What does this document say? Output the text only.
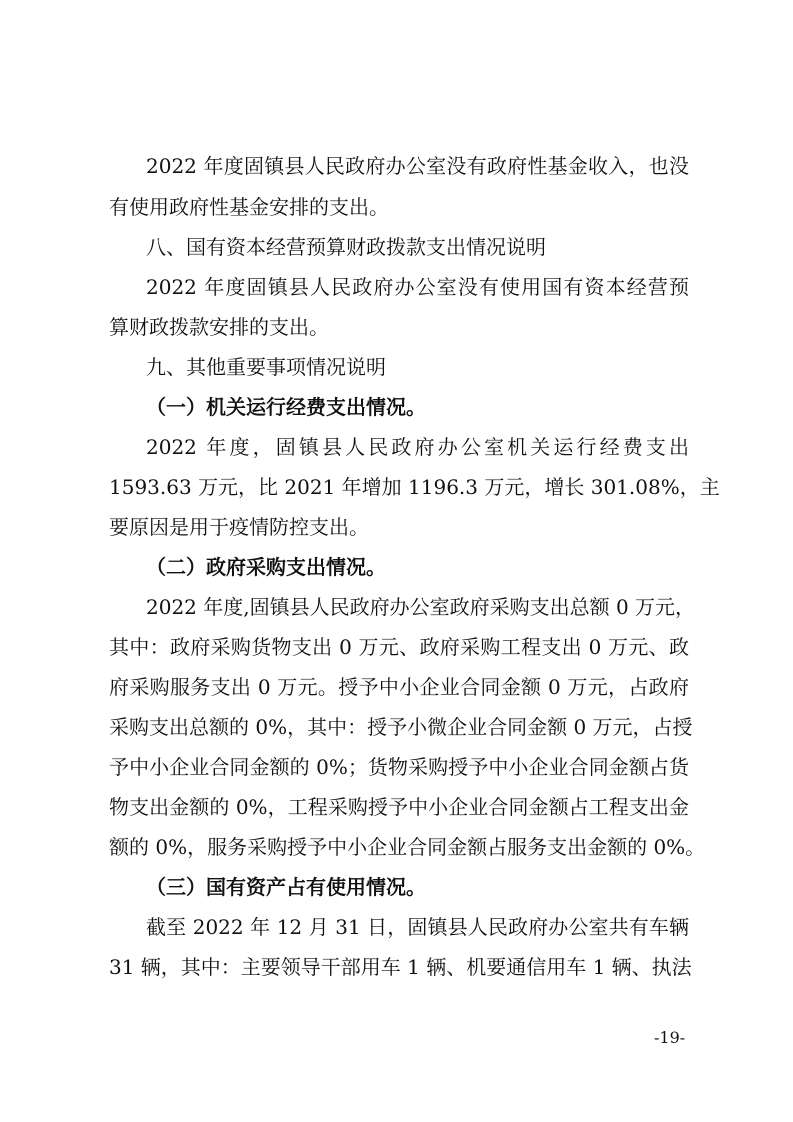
2022 年度固镇县人民政府办公室没有政府性基金收入，也没
有使用政府性基金安排的支出。
八、国有资本经营预算财政拨款支出情况说明
2022 年度固镇县人民政府办公室没有使用国有资本经营预
算财政拨款安排的支出。
九、其他重要事项情况说明
（一）机关运行经费支出情况。
2022 年度，固镇县人民政府办公室机关运行经费支出
1593.63 万元，比 2021 年增加 1196.3 万元，增长 301.08%，主
要原因是用于疫情防控支出。
（二）政府采购支出情况。
2022 年度,固镇县人民政府办公室政府采购支出总额 0 万元，
其中：政府采购货物支出 0 万元、政府采购工程支出 0 万元、政
府采购服务支出 0 万元。授予中小企业合同金额 0 万元，占政府
采购支出总额的 0%，其中：授予小微企业合同金额 0 万元，占授
予中小企业合同金额的 0%；货物采购授予中小企业合同金额占货
物支出金额的 0%，工程采购授予中小企业合同金额占工程支出金
额的 0%，服务采购授予中小企业合同金额占服务支出金额的 0%。
（三）国有资产占有使用情况。
截至 2022 年 12 月 31 日，固镇县人民政府办公室共有车辆
31 辆，其中：主要领导干部用车 1 辆、机要通信用车 1 辆、执法
-19-
